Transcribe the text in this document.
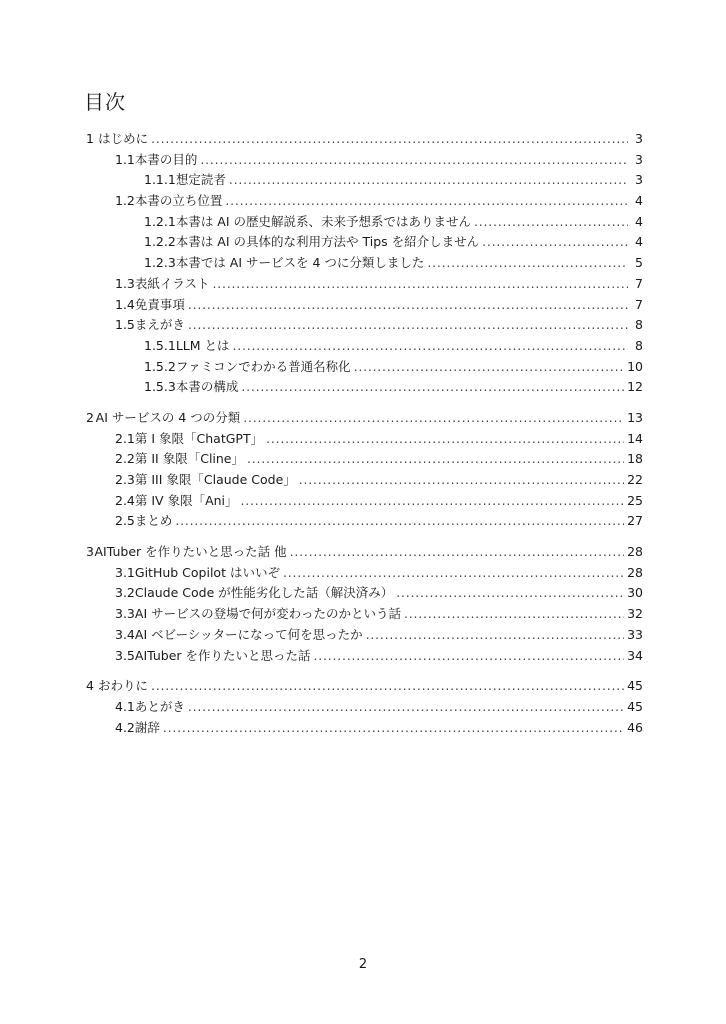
目次
1 はじめに . . .	3
1.1 本書の目的 . . .	3
1.1.1 想定読者 . . .	3
1.2 本書の立ち位置 . . .	4
1.2.1 本書は AI の歴史解説系、未来予想系ではありません . . .	4
1.2.2 本書は AI の具体的な利用方法や Tips を紹介しません . . .	4
1.2.3 本書では AI サービスを 4 つに分類しました . . .	5
1.3 表紙イラスト . . .	7
1.4 免責事項 . . .	7
1.5 まえがき . . .	8
1.5.1 LLM とは . . .	8
1.5.2 ファミコンでわかる普通名称化 . . .	10
1.5.3 本書の構成 . . .	12
2 AI サービスの 4 つの分類 . . .	13
2.1 第 I 象限「ChatGPT」 . . .	14
2.2 第 II 象限「Cline」 . . .	18
2.3 第 III 象限「Claude Code」 . . .	22
2.4 第 IV 象限「Ani」 . . .	25
2.5 まとめ . . .	27
3 AITuber を作りたいと思った話 他 . . .	28
3.1 GitHub Copilot はいいぞ . . .	28
3.2 Claude Code が性能劣化した話（解決済み） . . .	30
3.3 AI サービスの登場で何が変わったのかという話 . . .	32
3.4 AI ベビーシッターになって何を思ったか . . .	33
3.5 AITuber を作りたいと思った話 . . .	34
4 おわりに . . .	45
4.1 あとがき . . .	45
4.2 謝辞 . . .	46
2
